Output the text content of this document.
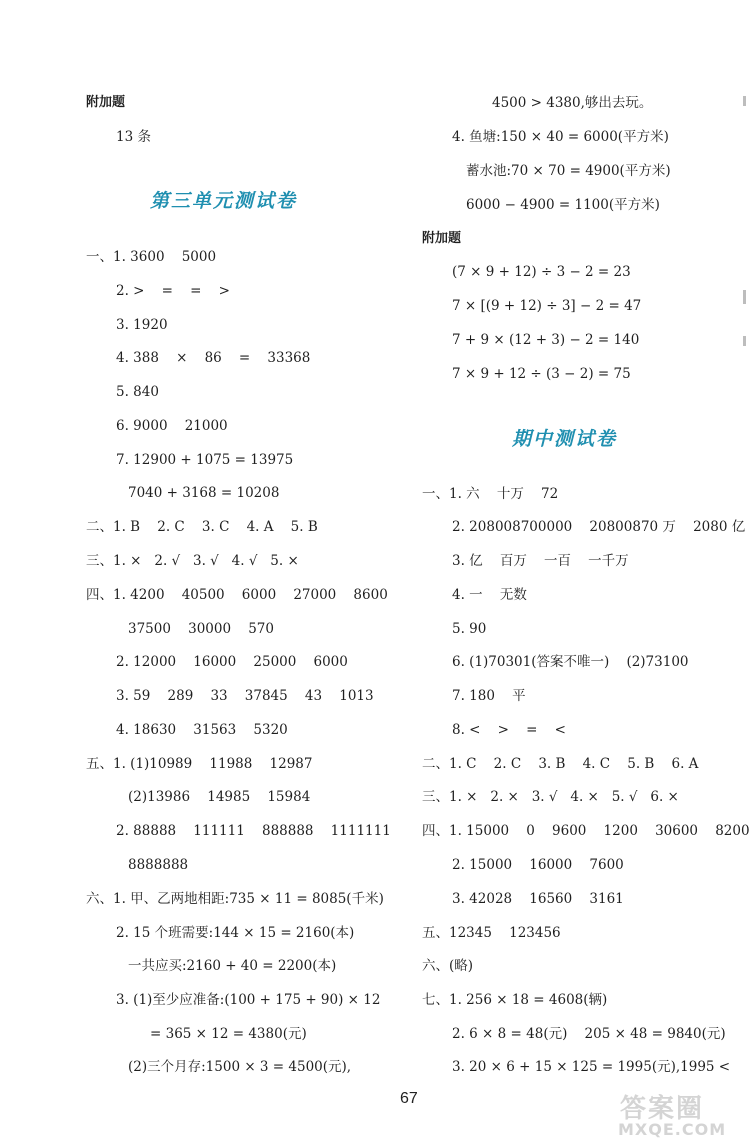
附加题
13 条
第三单元测试卷
一、1. 3600    5000
2. >    =    =    >
3. 1920
4. 388    ×    86    =    33368
5. 840
6. 9000    21000
7. 12900 + 1075 = 13975
7040 + 3168 = 10208
二、1. B    2. C    3. C    4. A    5. B
三、1. ×   2. √   3. √   4. √   5. ×
四、1. 4200    40500    6000    27000    8600
37500    30000    570
2. 12000    16000    25000    6000
3. 59    289    33    37845    43    1013
4. 18630    31563    5320
五、1. (1)10989    11988    12987
(2)13986    14985    15984
2. 88888    111111    888888    1111111
8888888
六、1. 甲、乙两地相距:735 × 11 = 8085(千米)
2. 15 个班需要:144 × 15 = 2160(本)
一共应买:2160 + 40 = 2200(本)
3. (1)至少应准备:(100 + 175 + 90) × 12
= 365 × 12 = 4380(元)
(2)三个月存:1500 × 3 = 4500(元),
4500 > 4380,够出去玩。
4. 鱼塘:150 × 40 = 6000(平方米)
蓄水池:70 × 70 = 4900(平方米)
6000 − 4900 = 1100(平方米)
附加题
(7 × 9 + 12) ÷ 3 − 2 = 23
7 × [(9 + 12) ÷ 3] − 2 = 47
7 + 9 × (12 + 3) − 2 = 140
7 × 9 + 12 ÷ (3 − 2) = 75
期中测试卷
一、1. 六    十万    72
2. 208008700000    20800870 万    2080 亿
3. 亿    百万    一百    一千万
4. 一    无数
5. 90
6. (1)70301(答案不唯一)    (2)73100
7. 180    平
8. <    >    =    <
二、1. C    2. C    3. B    4. C    5. B    6. A
三、1. ×   2. ×   3. √   4. ×   5. √   6. ×
四、1. 15000    0    9600    1200    30600    8200
2. 15000    16000    7600
3. 42028    16560    3161
五、12345    123456
六、(略)
七、1. 256 × 18 = 4608(辆)
2. 6 × 8 = 48(元)    205 × 48 = 9840(元)
3. 20 × 6 + 15 × 125 = 1995(元),1995 <
67	答案圈
MXQE.COM
